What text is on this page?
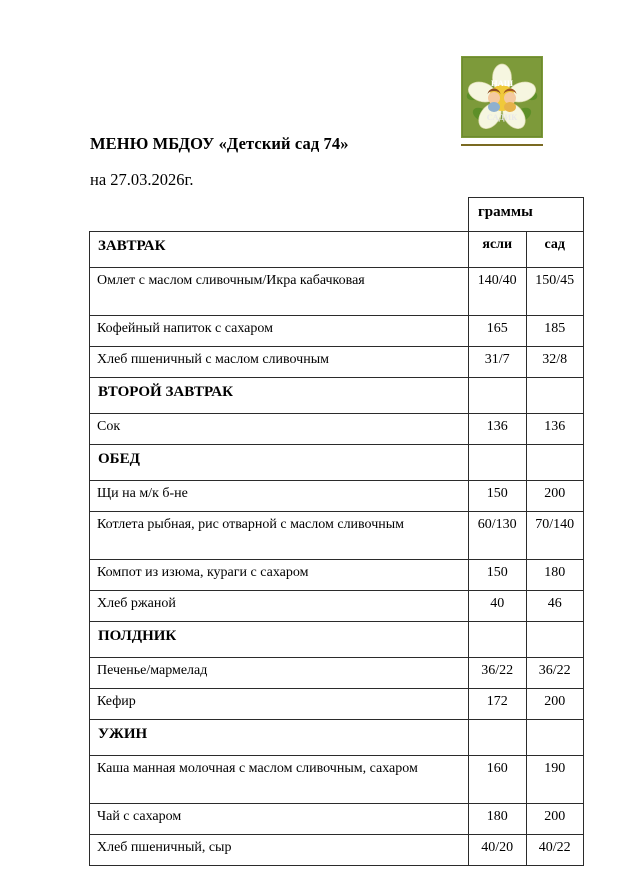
НАШ
САДИК
МЕНЮ МБДОУ «Детский сад 74»
на 27.03.2026г.
	граммы	
ЗАВТРАК	ясли	сад
Омлет с маслом сливочным/Икра кабачковая	140/40	150/45
Кофейный напиток с сахаром	165	185
Хлеб пшеничный с маслом сливочным	31/7	32/8
ВТОРОЙ ЗАВТРАК		
Сок	136	136
ОБЕД		
Щи на м/к б-не	150	200
Котлета рыбная, рис отварной с маслом сливочным	60/130	70/140
Компот из изюма, кураги с сахаром	150	180
Хлеб ржаной	40	46
ПОЛДНИК		
Печенье/мармелад	36/22	36/22
Кефир	172	200
УЖИН		
Каша манная молочная с маслом сливочным, сахаром	160	190
Чай с сахаром	180	200
Хлеб пшеничный, сыр	40/20	40/22
